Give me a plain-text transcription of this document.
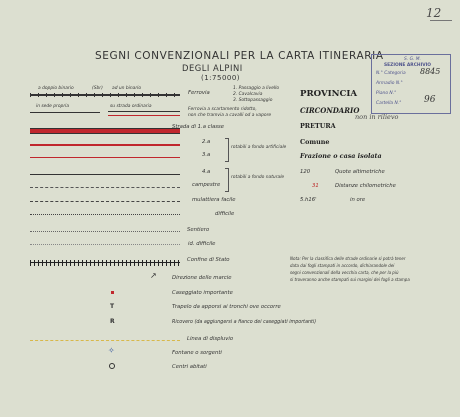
12
SEGNI CONVENZIONALI PER LA CARTA ITINERARIA
DEGLI ALPINI
(1:75000)
S. G. M.
SEZIONE ARCHIVIO
N.° Categoria 8845
Armadio N.°
Piano N.°
Cartella N.°	96
a doppio binario	(Sbr) ad un binario
Ferrovia
1. Passaggio a livello
2. Cavalcavia
3. Sottopassaggio
in sede propria	su strada ordinaria
Ferrovia a scartamento ridotto,
non che tramvia a cavalli od a vapore
Strada di 1.a classe
2.a
3.a
rotabili a fondo artificiale
4.a
campestre
rotabili a fondo naturale
mulattiera facile
difficile
Sentiero
id. difficile
PROVINCIA
CIRCONDARIO
PRETURA
non in rilievo
Comune
Frazione o casa isolata
120	Quote altimetriche
31	Distanze chilometriche
5.h16'	in ore
Confine di Stato
↗	Direzione delle marcie
Caseggiato importante
T	Trapelo da apporsi ai tronchi ove occorre
R	Ricovero (da aggiungersi a fianco dei caseggiati importanti)
Linea di displuvio
✧	Fontane o sorgenti
Centri abitati
Nota: Per la classifica delle strade ordinarie si potrà tener
data dai fogli stampati in accordo, dichiarandole dei
segni convenzionali della vecchia carta, che per la più
si troveranno anche stampati sui margini dei fogli a stampa
